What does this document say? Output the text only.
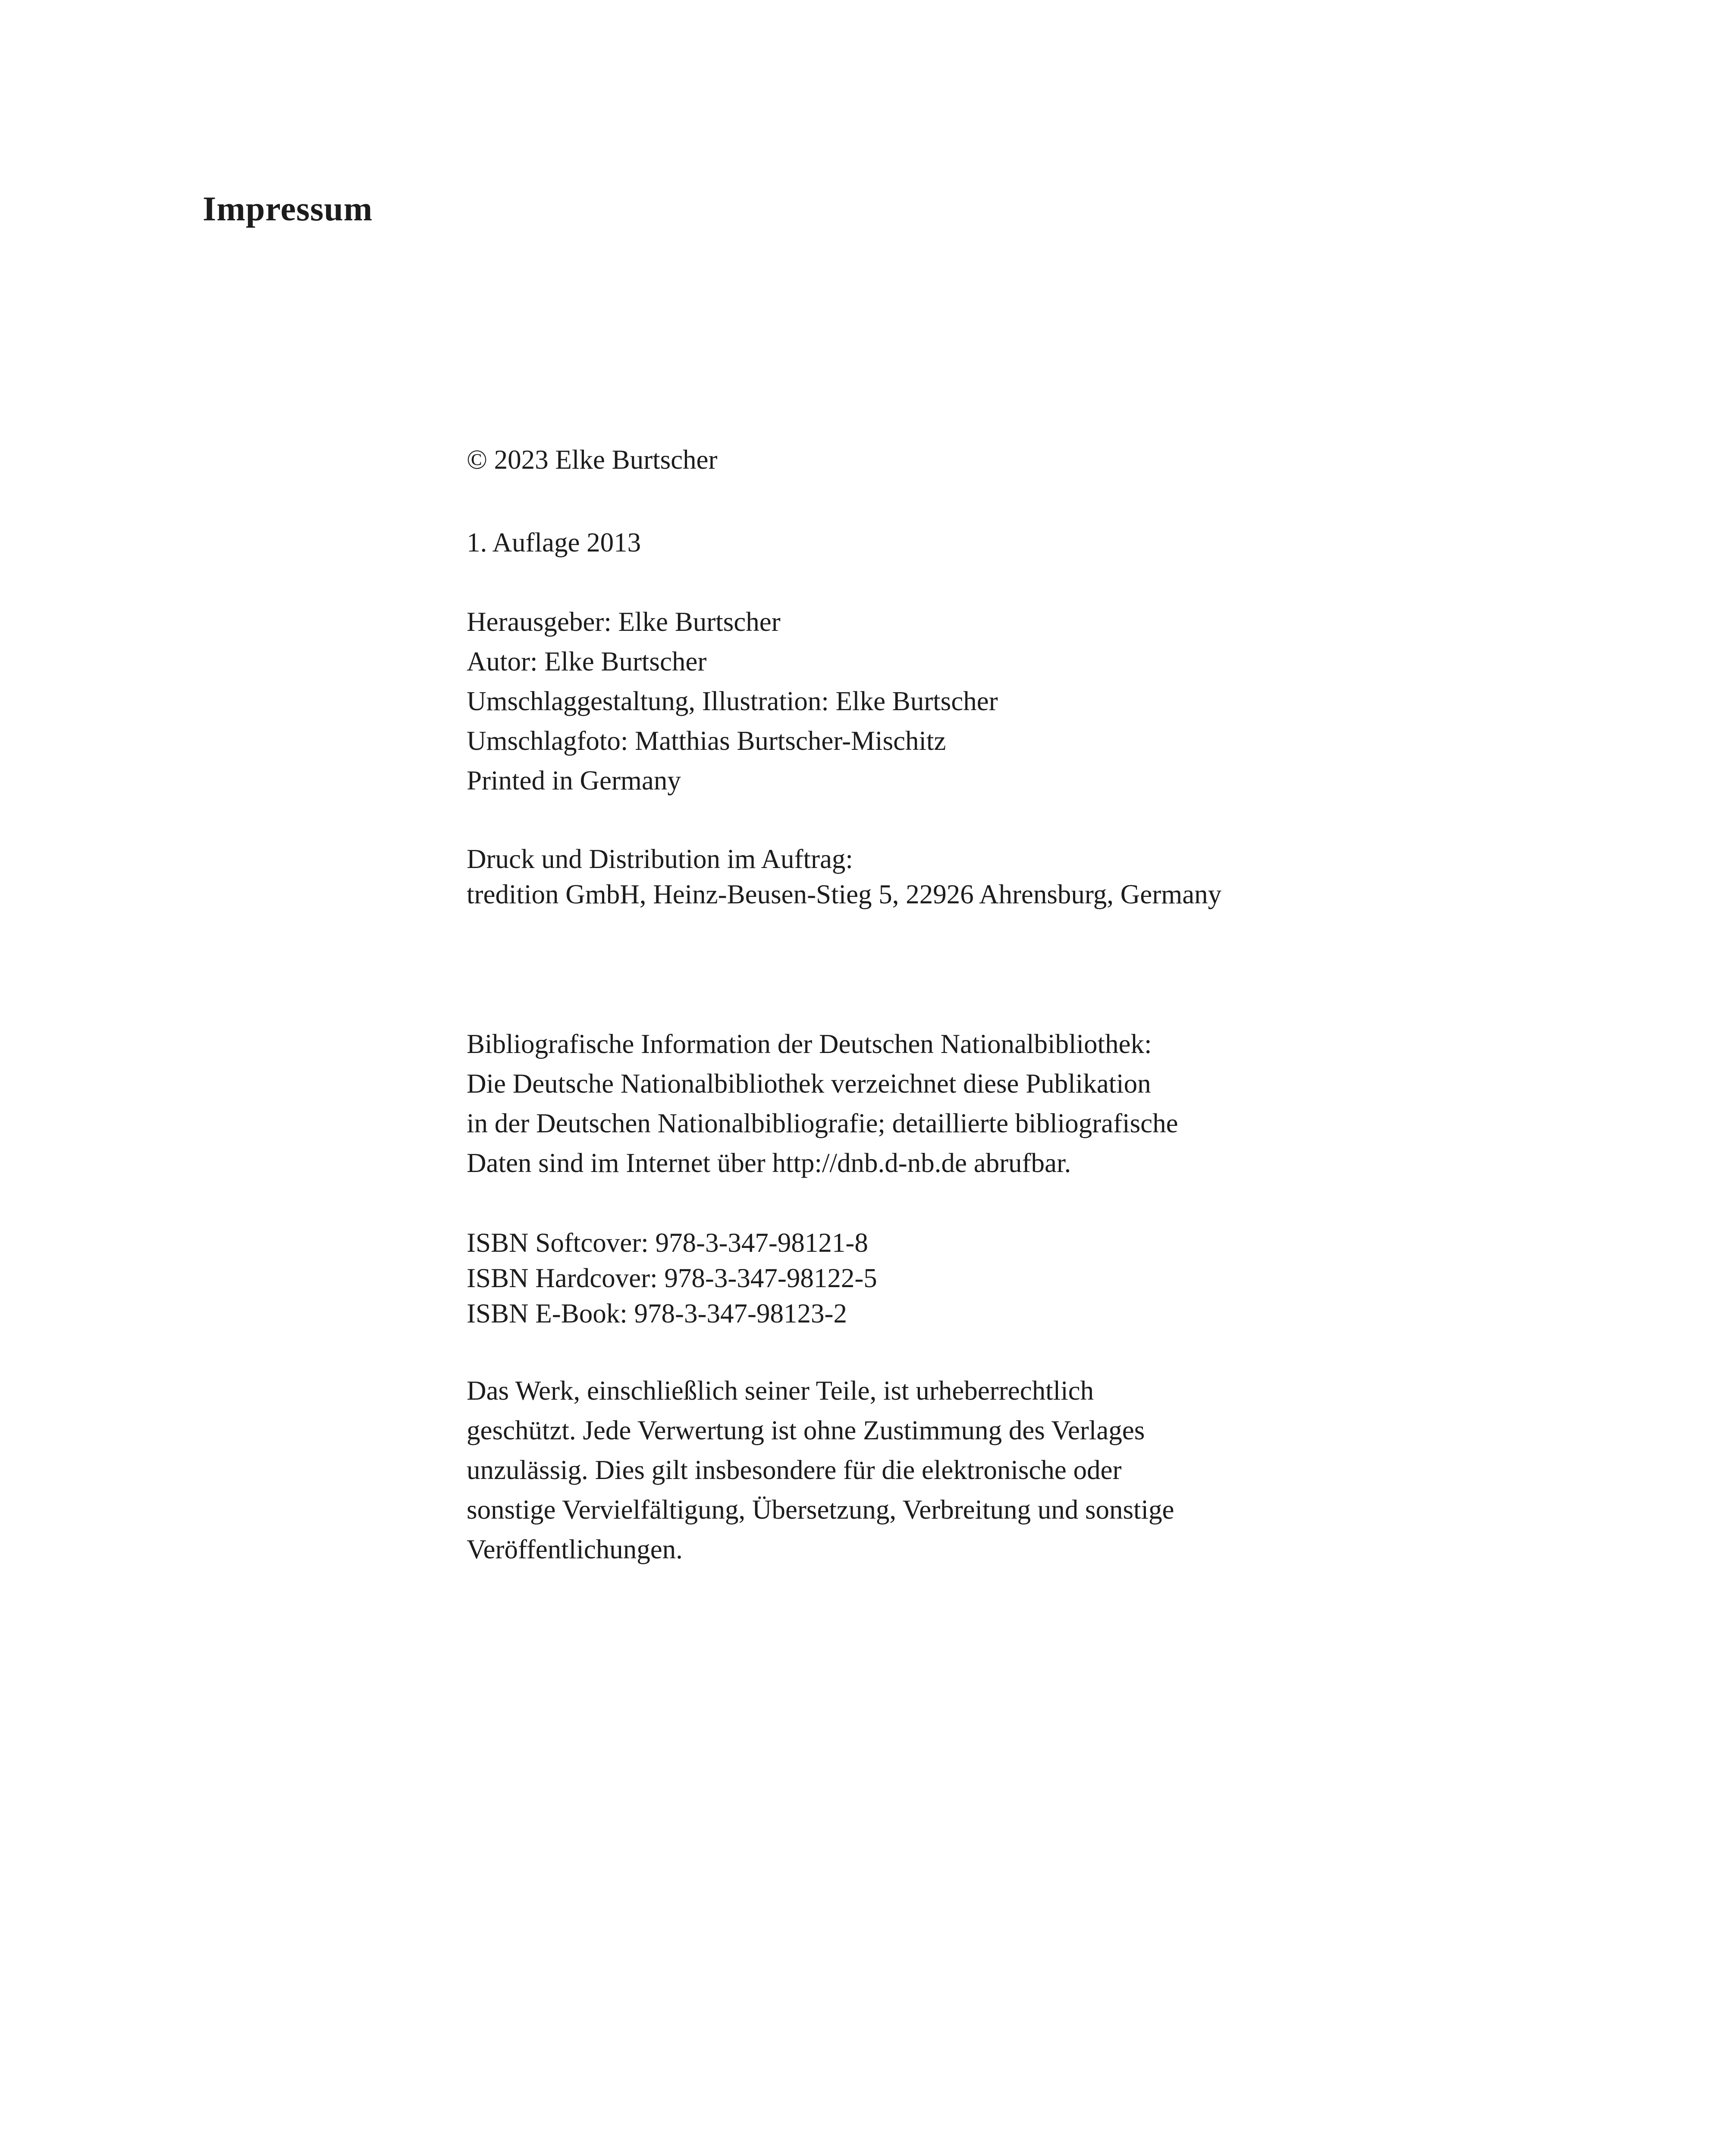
Impressum

© 2023 Elke Burtscher

1. Auflage 2013

Herausgeber: Elke Burtscher
Autor: Elke Burtscher
Umschlaggestaltung, Illustration: Elke Burtscher
Umschlagfoto: Matthias Burtscher-Mischitz
Printed in Germany

Druck und Distribution im Auftrag:
tredition GmbH, Heinz-Beusen-Stieg 5, 22926 Ahrensburg, Germany

Bibliografische Information der Deutschen Nationalbibliothek:
Die Deutsche Nationalbibliothek verzeichnet diese Publikation
in der Deutschen Nationalbibliografie; detaillierte bibliografische
Daten sind im Internet über http://dnb.d-nb.de abrufbar.

ISBN Softcover: 978-3-347-98121-8
ISBN Hardcover: 978-3-347-98122-5
ISBN E-Book: 978-3-347-98123-2

Das Werk, einschließlich seiner Teile, ist urheberrechtlich
geschützt. Jede Verwertung ist ohne Zustimmung des Verlages
unzulässig. Dies gilt insbesondere für die elektronische oder
sonstige Vervielfältigung, Übersetzung, Verbreitung und sonstige
Veröffentlichungen.
